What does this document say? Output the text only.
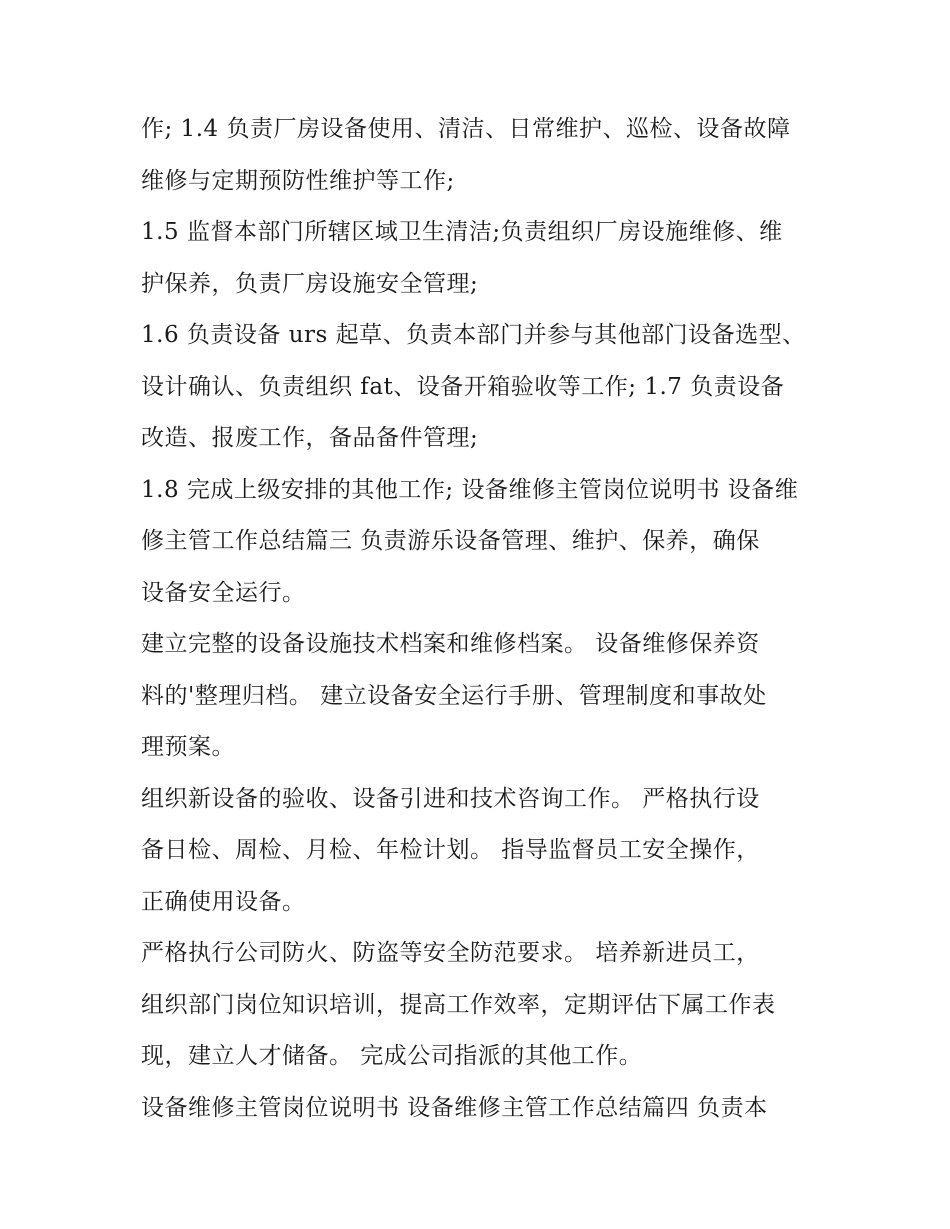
作; 1.4 负责厂房设备使用、清洁、日常维护、巡检、设备故障
维修与定期预防性维护等工作;
1.5 监督本部门所辖区域卫生清洁;负责组织厂房设施维修、维
护保养，负责厂房设施安全管理;
1.6 负责设备 urs 起草、负责本部门并参与其他部门设备选型、
设计确认、负责组织 fat、设备开箱验收等工作; 1.7 负责设备
改造、报废工作，备品备件管理;
1.8 完成上级安排的其他工作; 设备维修主管岗位说明书 设备维
修主管工作总结篇三 负责游乐设备管理、维护、保养，确保
设备安全运行。
建立完整的设备设施技术档案和维修档案。 设备维修保养资
料的'整理归档。 建立设备安全运行手册、管理制度和事故处
理预案。
组织新设备的验收、设备引进和技术咨询工作。 严格执行设
备日检、周检、月检、年检计划。 指导监督员工安全操作，
正确使用设备。
严格执行公司防火、防盗等安全防范要求。 培养新进员工，
组织部门岗位知识培训，提高工作效率，定期评估下属工作表
现，建立人才储备。 完成公司指派的其他工作。
设备维修主管岗位说明书 设备维修主管工作总结篇四 负责本
